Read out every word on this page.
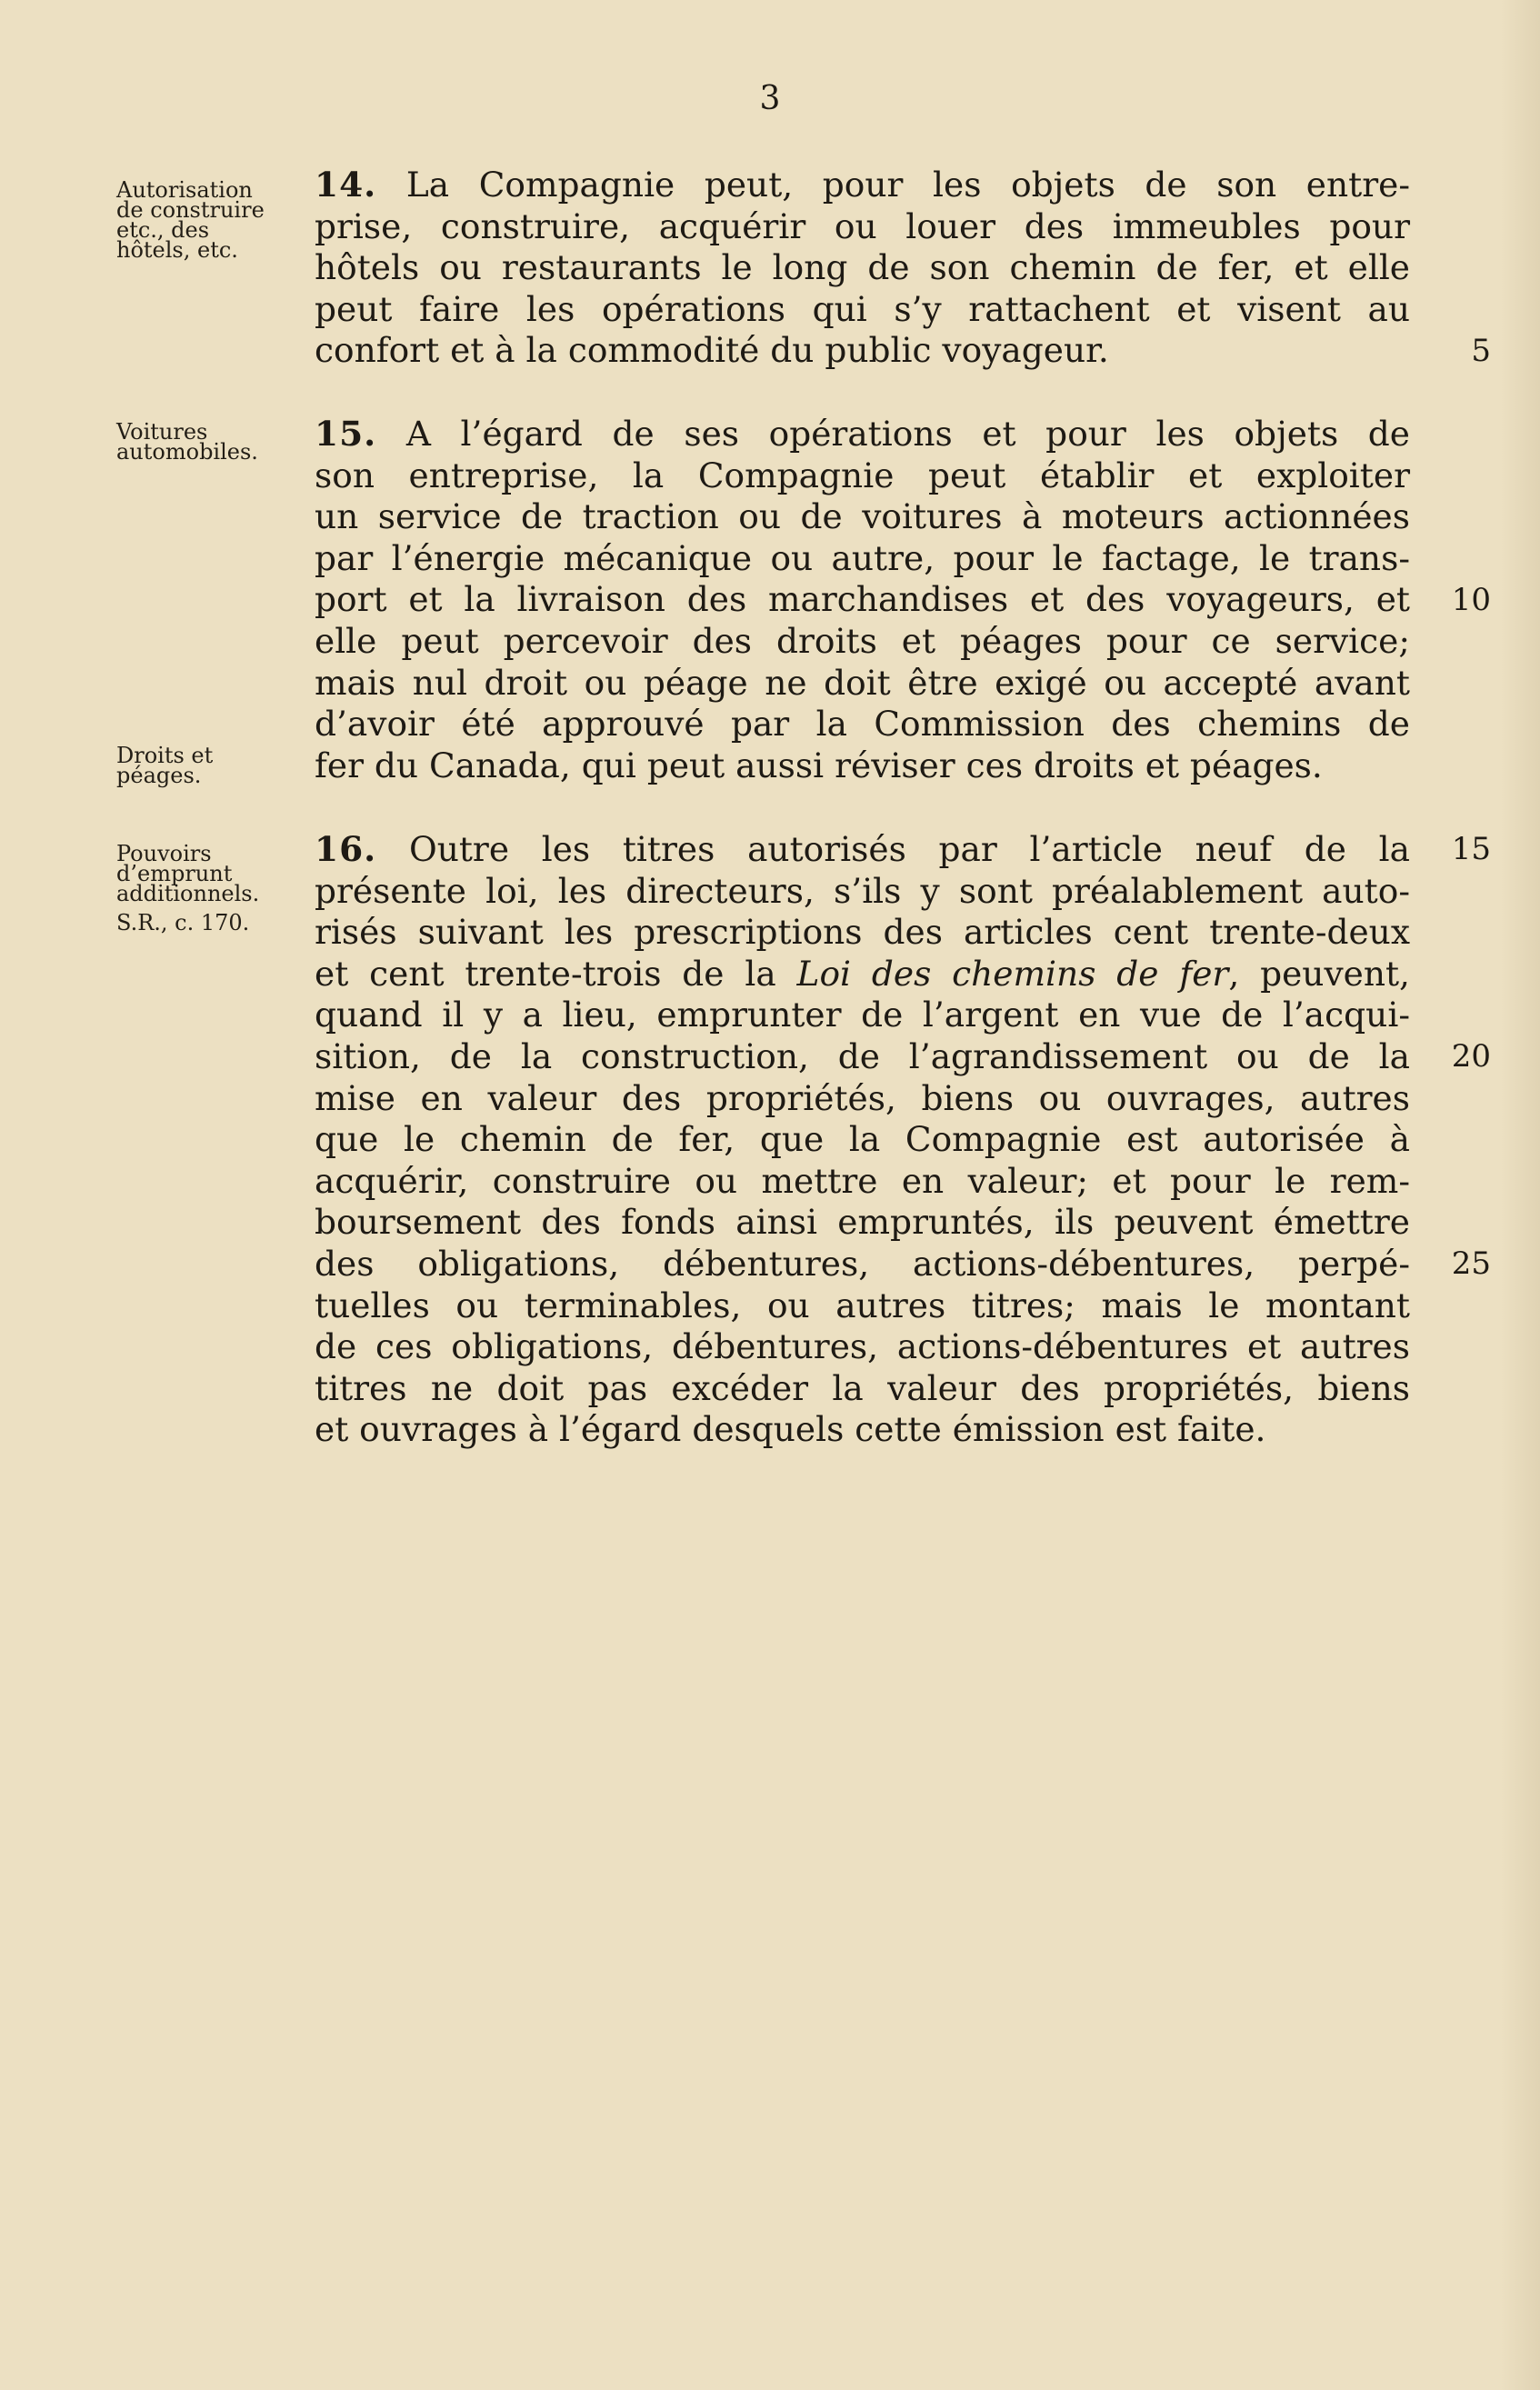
3
Autorisation
de construire
etc., des
hôtels, etc.
Voitures
automobiles.
Droits et
péages.
Pouvoirs
d’emprunt
additionnels.
S.R., c. 170.
14. La Compagnie peut, pour les objets de son entre-
prise, construire, acquérir ou louer des immeubles pour
hôtels ou restaurants le long de son chemin de fer, et elle
peut faire les opérations qui s’y rattachent et visent au
confort et à la commodité du public voyageur.
15. A l’égard de ses opérations et pour les objets de
son entreprise, la Compagnie peut établir et exploiter
un service de traction ou de voitures à moteurs actionnées
par l’énergie mécanique ou autre, pour le factage, le trans-
port et la livraison des marchandises et des voyageurs, et
elle peut percevoir des droits et péages pour ce service;
mais nul droit ou péage ne doit être exigé ou accepté avant
d’avoir été approuvé par la Commission des chemins de
fer du Canada, qui peut aussi réviser ces droits et péages.
16. Outre les titres autorisés par l’article neuf de la
présente loi, les directeurs, s’ils y sont préalablement auto-
risés suivant les prescriptions des articles cent trente-deux
et cent trente-trois de la Loi des chemins de fer, peuvent,
quand il y a lieu, emprunter de l’argent en vue de l’acqui-
sition, de la construction, de l’agrandissement ou de la
mise en valeur des propriétés, biens ou ouvrages, autres
que le chemin de fer, que la Compagnie est autorisée à
acquérir, construire ou mettre en valeur; et pour le rem-
boursement des fonds ainsi empruntés, ils peuvent émettre
des obligations, débentures, actions-débentures, perpé-
tuelles ou terminables, ou autres titres; mais le montant
de ces obligations, débentures, actions-débentures et autres
titres ne doit pas excéder la valeur des propriétés, biens
et ouvrages à l’égard desquels cette émission est faite.
5
10
15
20
25
